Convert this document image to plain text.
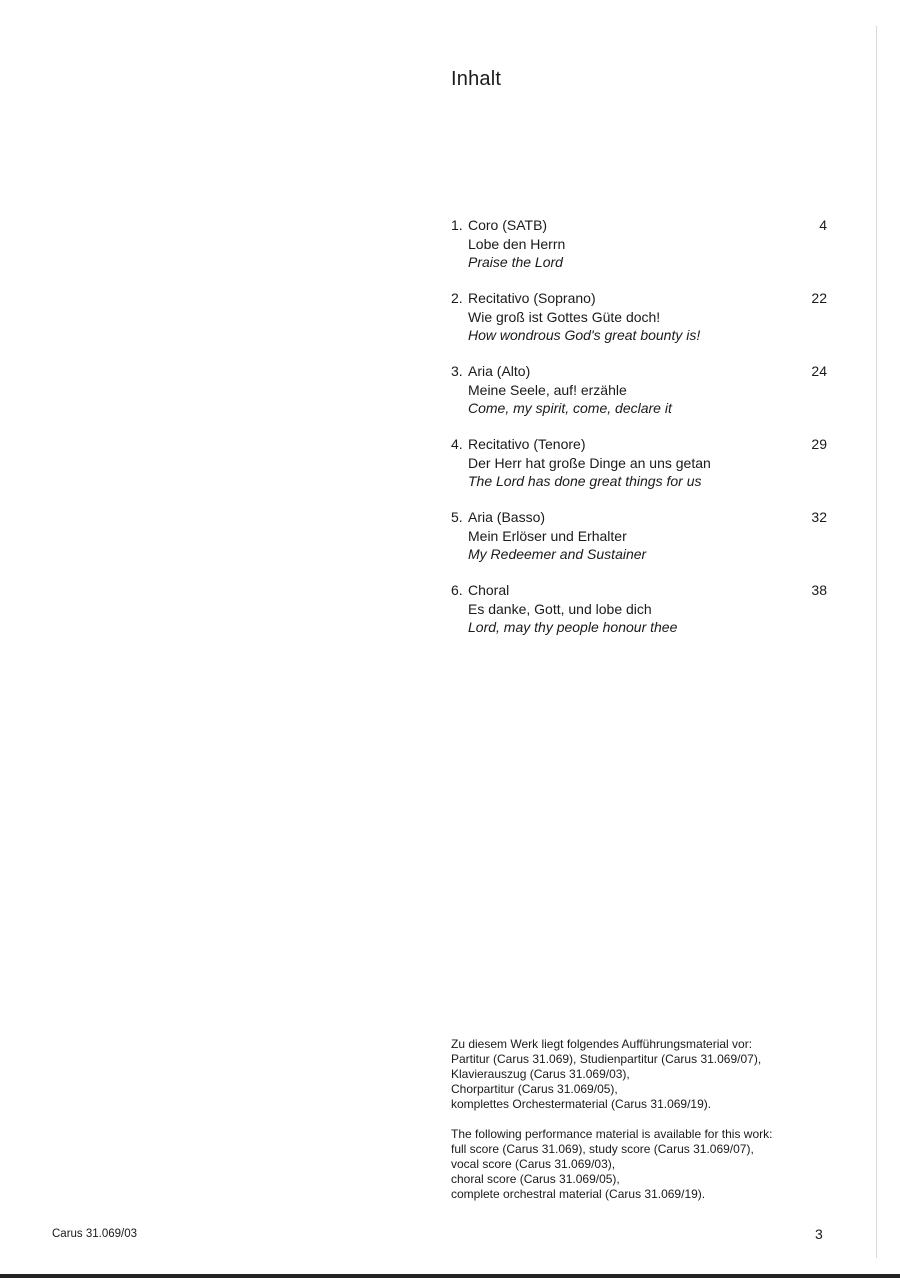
Inhalt
1. Coro (SATB)	4
Lobe den Herrn
Praise the Lord
2. Recitativo (Soprano)	22
Wie groß ist Gottes Güte doch!
How wondrous God's great bounty is!
3. Aria (Alto)	24
Meine Seele, auf! erzähle
Come, my spirit, come, declare it
4. Recitativo (Tenore)	29
Der Herr hat große Dinge an uns getan
The Lord has done great things for us
5. Aria (Basso)	32
Mein Erlöser und Erhalter
My Redeemer and Sustainer
6. Choral	38
Es danke, Gott, und lobe dich
Lord, may thy people honour thee
Zu diesem Werk liegt folgendes Aufführungsmaterial vor:
Partitur (Carus 31.069), Studienpartitur (Carus 31.069/07),
Klavierauszug (Carus 31.069/03),
Chorpartitur (Carus 31.069/05),
komplettes Orchestermaterial (Carus 31.069/19).
The following performance material is available for this work:
full score (Carus 31.069), study score (Carus 31.069/07),
vocal score (Carus 31.069/03),
choral score (Carus 31.069/05),
complete orchestral material (Carus 31.069/19).
Carus 31.069/03	3
